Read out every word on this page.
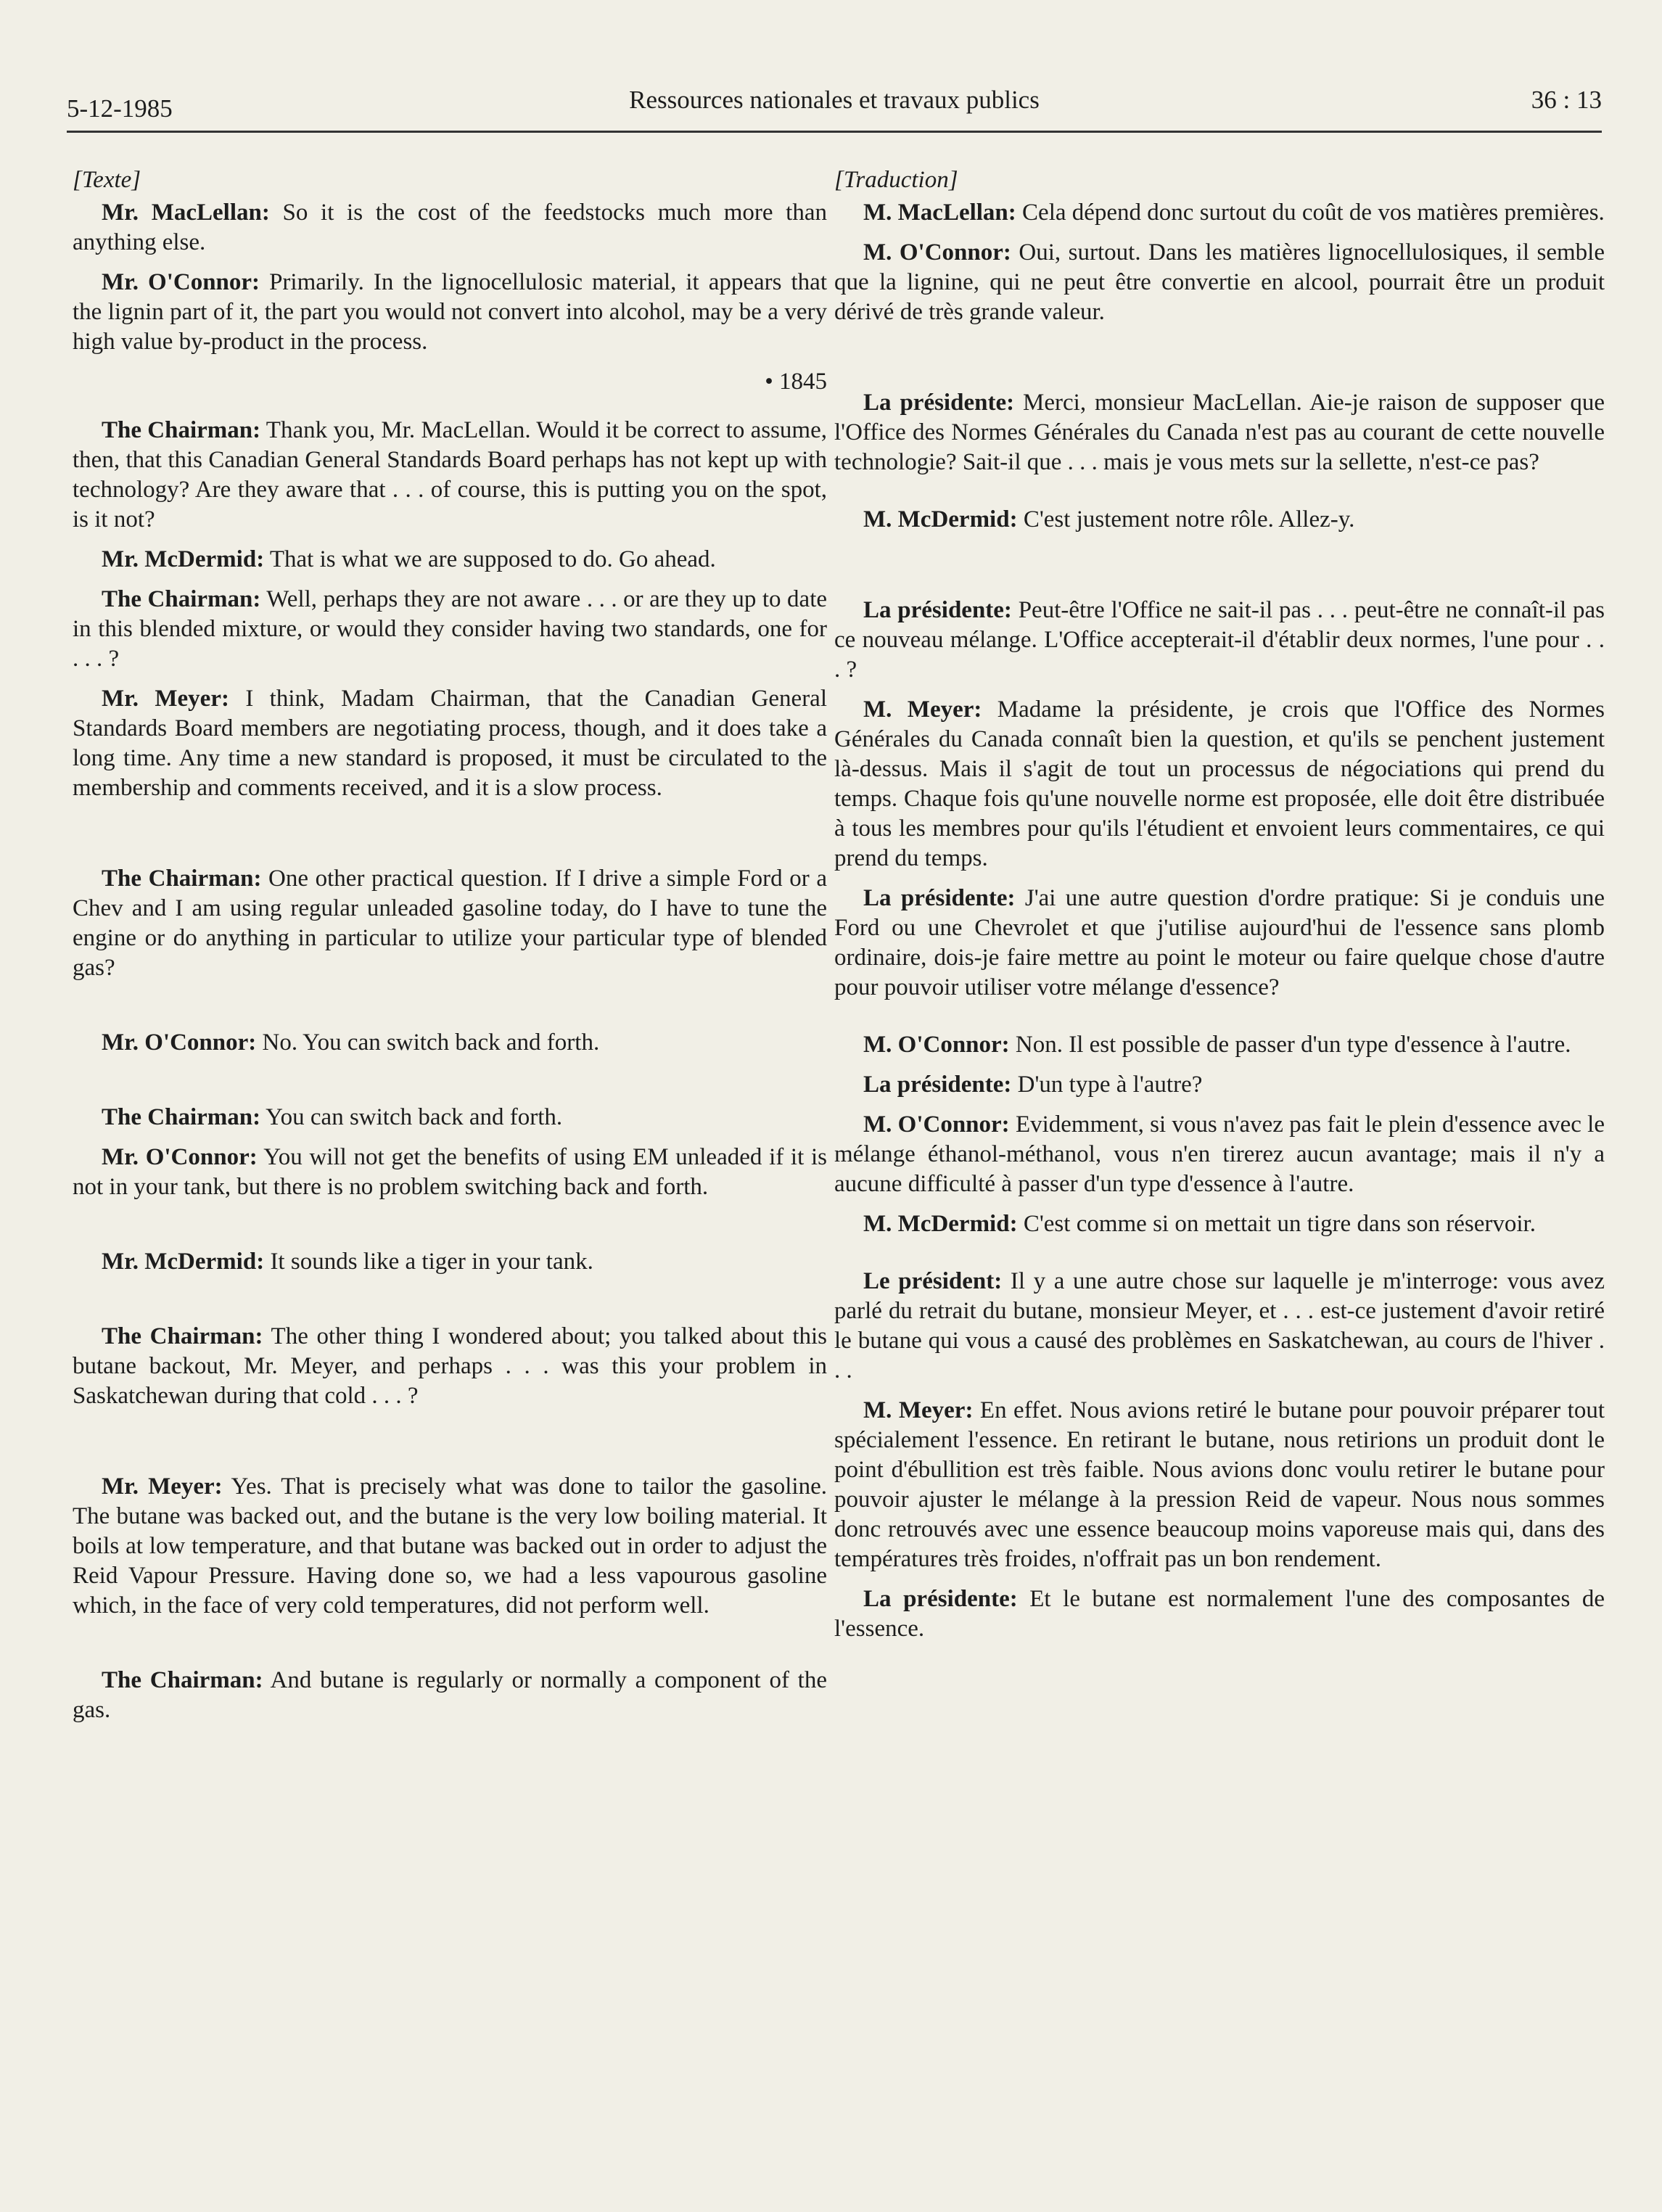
5-12-1985	Ressources nationales et travaux publics	36 : 13

[Texte]

Mr. MacLellan: So it is the cost of the feedstocks much more than anything else.

Mr. O'Connor: Primarily. In the lignocellulosic material, it appears that the lignin part of it, the part you would not convert into alcohol, may be a very high value by-product in the process.

• 1845

The Chairman: Thank you, Mr. MacLellan. Would it be correct to assume, then, that this Canadian General Standards Board perhaps has not kept up with technology? Are they aware that . . . of course, this is putting you on the spot, is it not?

Mr. McDermid: That is what we are supposed to do. Go ahead.

The Chairman: Well, perhaps they are not aware . . . or are they up to date in this blended mixture, or would they consider having two standards, one for . . . ?

Mr. Meyer: I think, Madam Chairman, that the Canadian General Standards Board members are negotiating process, though, and it does take a long time. Any time a new standard is proposed, it must be circulated to the membership and comments received, and it is a slow process.

The Chairman: One other practical question. If I drive a simple Ford or a Chev and I am using regular unleaded gasoline today, do I have to tune the engine or do anything in particular to utilize your particular type of blended gas?

Mr. O'Connor: No. You can switch back and forth.

The Chairman: You can switch back and forth.

Mr. O'Connor: You will not get the benefits of using EM unleaded if it is not in your tank, but there is no problem switching back and forth.

Mr. McDermid: It sounds like a tiger in your tank.

The Chairman: The other thing I wondered about; you talked about this butane backout, Mr. Meyer, and perhaps . . . was this your problem in Saskatchewan during that cold . . . ?

Mr. Meyer: Yes. That is precisely what was done to tailor the gasoline. The butane was backed out, and the butane is the very low boiling material. It boils at low temperature, and that butane was backed out in order to adjust the Reid Vapour Pressure. Having done so, we had a less vapourous gasoline which, in the face of very cold temperatures, did not perform well.

The Chairman: And butane is regularly or normally a component of the gas.

[Traduction]

M. MacLellan: Cela dépend donc surtout du coût de vos matières premières.

M. O'Connor: Oui, surtout. Dans les matières lignocellulosiques, il semble que la lignine, qui ne peut être convertie en alcool, pourrait être un produit dérivé de très grande valeur.

La présidente: Merci, monsieur MacLellan. Aie-je raison de supposer que l'Office des Normes Générales du Canada n'est pas au courant de cette nouvelle technologie? Sait-il que . . . mais je vous mets sur la sellette, n'est-ce pas?

M. McDermid: C'est justement notre rôle. Allez-y.

La présidente: Peut-être l'Office ne sait-il pas . . . peut-être ne connaît-il pas ce nouveau mélange. L'Office accepterait-il d'établir deux normes, l'une pour . . . ?

M. Meyer: Madame la présidente, je crois que l'Office des Normes Générales du Canada connaît bien la question, et qu'ils se penchent justement là-dessus. Mais il s'agit de tout un processus de négociations qui prend du temps. Chaque fois qu'une nouvelle norme est proposée, elle doit être distribuée à tous les membres pour qu'ils l'étudient et envoient leurs commentaires, ce qui prend du temps.

La présidente: J'ai une autre question d'ordre pratique: Si je conduis une Ford ou une Chevrolet et que j'utilise aujourd'hui de l'essence sans plomb ordinaire, dois-je faire mettre au point le moteur ou faire quelque chose d'autre pour pouvoir utiliser votre mélange d'essence?

M. O'Connor: Non. Il est possible de passer d'un type d'essence à l'autre.

La présidente: D'un type à l'autre?

M. O'Connor: Evidemment, si vous n'avez pas fait le plein d'essence avec le mélange éthanol-méthanol, vous n'en tirerez aucun avantage; mais il n'y a aucune difficulté à passer d'un type d'essence à l'autre.

M. McDermid: C'est comme si on mettait un tigre dans son réservoir.

Le président: Il y a une autre chose sur laquelle je m'interroge: vous avez parlé du retrait du butane, monsieur Meyer, et . . . est-ce justement d'avoir retiré le butane qui vous a causé des problèmes en Saskatchewan, au cours de l'hiver . . .

M. Meyer: En effet. Nous avions retiré le butane pour pouvoir préparer tout spécialement l'essence. En retirant le butane, nous retirions un produit dont le point d'ébullition est très faible. Nous avions donc voulu retirer le butane pour pouvoir ajuster le mélange à la pression Reid de vapeur. Nous nous sommes donc retrouvés avec une essence beaucoup moins vaporeuse mais qui, dans des températures très froides, n'offrait pas un bon rendement.

La présidente: Et le butane est normalement l'une des composantes de l'essence.
